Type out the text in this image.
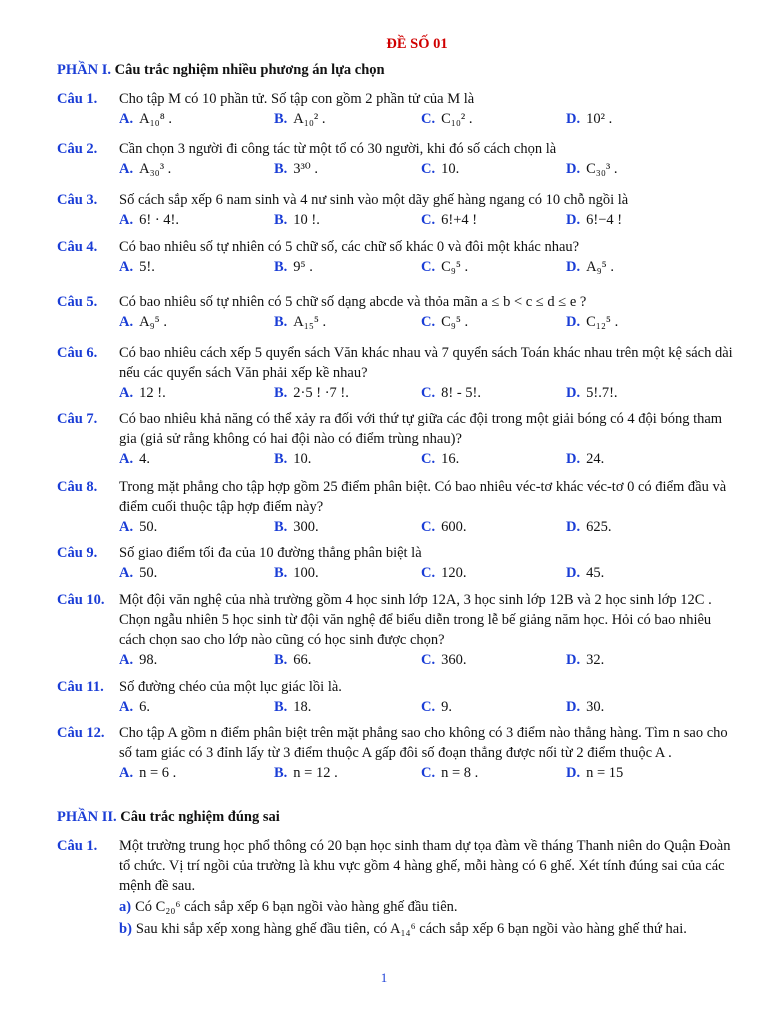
ĐỀ SỐ 01
PHẦN I. Câu trắc nghiệm nhiều phương án lựa chọn
Câu 1.	Cho tập M có 10 phần tử. Số tập con gồm 2 phần tử của M là
A. A₁₀⁸ .	B. A₁₀² .	C. C₁₀² .	D. 10² .
Câu 2.	Cần chọn 3 người đi công tác từ một tổ có 30 người, khi đó số cách chọn là
A. A₃₀³ .	B. 3³⁰ .	C. 10.	D. C₃₀³ .
Câu 3.	Số cách sắp xếp 6 nam sinh và 4 nư sinh vào một dãy ghế hàng ngang có 10 chỗ ngồi là
A. 6! · 4!.	B. 10 !.	C. 6!+4 !	D. 6!−4 !
Câu 4.	Có bao nhiêu số tự nhiên có 5 chữ số, các chữ số khác 0 và đôi một khác nhau?
A. 5!.	B. 9⁵ .	C. C₉⁵ .	D. A₉⁵ .
Câu 5.	Có bao nhiêu số tự nhiên có 5 chữ số dạng abcde và thỏa mãn a ≤ b < c ≤ d ≤ e ?
A. A₉⁵ .	B. A₁₅⁵ .	C. C₉⁵ .	D. C₁₂⁵ .
Câu 6.	Có bao nhiêu cách xếp 5 quyển sách Văn khác nhau và 7 quyển sách Toán khác nhau trên một kệ sách dài nếu các quyển sách Văn phải xếp kề nhau?
A. 12 !.	B. 2·5 ! ·7 !.	C. 8! - 5!.	D. 5!.7!.
Câu 7.	Có bao nhiêu khả năng có thể xảy ra đối với thứ tự giữa các đội trong một giải bóng có 4 đội bóng tham gia (giả sử rằng không có hai đội nào có điểm trùng nhau)?
A. 4.	B. 10.	C. 16.	D. 24.
Câu 8.	Trong mặt phẳng cho tập hợp gồm 25 điểm phân biệt. Có bao nhiêu véc-tơ khác véc-tơ 0 có điểm đầu và điểm cuối thuộc tập hợp điểm này?
A. 50.	B. 300.	C. 600.	D. 625.
Câu 9.	Số giao điểm tối đa của 10 đường thẳng phân biệt là
A. 50.	B. 100.	C. 120.	D. 45.
Câu 10. Một đội văn nghệ của nhà trường gồm 4 học sinh lớp 12A, 3 học sinh lớp 12B và 2 học sinh lớp 12C . Chọn ngẫu nhiên 5 học sinh từ đội văn nghệ để biểu diễn trong lễ bế giảng năm học. Hỏi có bao nhiêu cách chọn sao cho lớp nào cũng có học sinh được chọn?
A. 98.	B. 66.	C. 360.	D. 32.
Câu 11.	Số đường chéo của một lục giác lồi là.
A. 6.	B. 18.	C. 9.	D. 30.
Câu 12. Cho tập A gồm n điểm phân biệt trên mặt phẳng sao cho không có 3 điểm nào thẳng hàng. Tìm n sao cho số tam giác có 3 đỉnh lấy từ 3 điểm thuộc A gấp đôi số đoạn thẳng được nối từ 2 điểm thuộc A .
A. n = 6 .	B. n = 12 .	C. n = 8 .	D. n = 15
PHẦN II. Câu trắc nghiệm đúng sai
Câu 1.	Một trường trung học phổ thông có 20 bạn học sinh tham dự tọa đàm về tháng Thanh niên do Quận Đoàn tổ chức. Vị trí ngồi của trường là khu vực gồm 4 hàng ghế, mỗi hàng có 6 ghế. Xét tính đúng sai của các mệnh đề sau.
a) Có C₂₀⁶ cách sắp xếp 6 bạn ngồi vào hàng ghế đầu tiên.
b) Sau khi sắp xếp xong hàng ghế đầu tiên, có A₁₄⁶ cách sắp xếp 6 bạn ngồi vào hàng ghế thứ hai.
1
